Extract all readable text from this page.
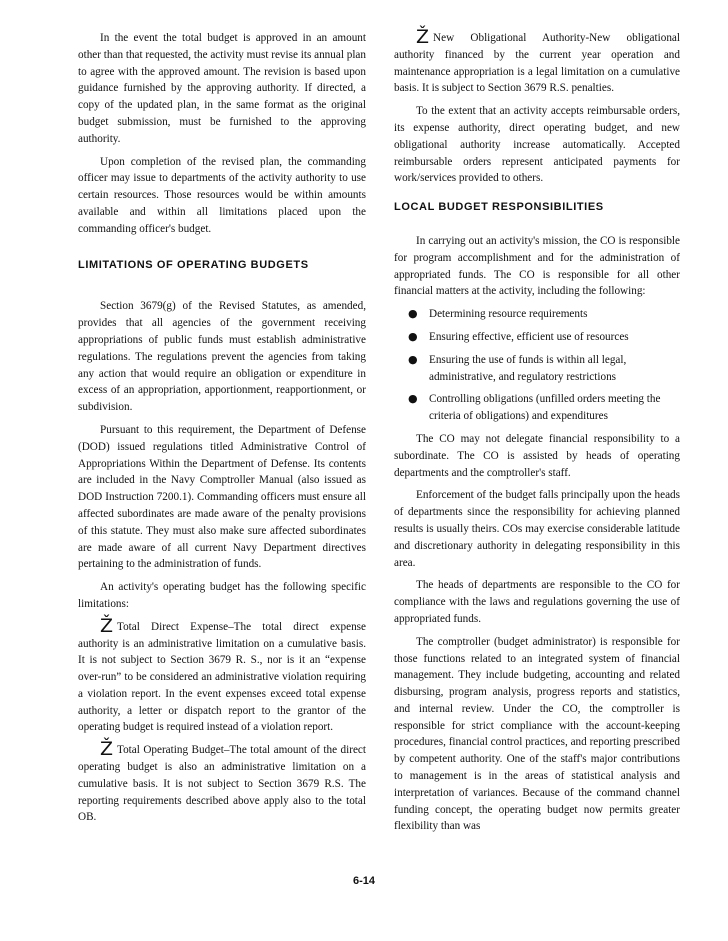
In the event the total budget is approved in an amount other than that requested, the activity must revise its annual plan to agree with the approved amount. The revision is based upon guidance furnished by the approving authority. If directed, a copy of the updated plan, in the same format as the original budget submission, must be furnished to the approving authority.

Upon completion of the revised plan, the commanding officer may issue to departments of the activity authority to use certain resources. Those resources would be within amounts available and within all limitations placed upon the commanding officer's budget.

LIMITATIONS OF OPERATING BUDGETS

Section 3679(g) of the Revised Statutes, as amended, provides that all agencies of the government receiving appropriations of public funds must establish administrative regulations. The regulations prevent the agencies from taking any action that would require an obligation or expenditure in excess of an appropriation, apportionment, reapportionment, or subdivision.

Pursuant to this requirement, the Department of Defense (DOD) issued regulations titled Administrative Control of Appropriations Within the Department of Defense. Its contents are included in the Navy Comptroller Manual (also issued as DOD Instruction 7200.1). Commanding officers must ensure all affected subordinates are made aware of the penalty provisions of this statute. They must also make sure affected subordinates are made aware of all current Navy Department directives pertaining to the administration of funds.

An activity's operating budget has the following specific limitations:

Ž Total Direct Expense–The total direct expense authority is an administrative limitation on a cumulative basis. It is not subject to Section 3679 R. S., nor is it an “expense over-run” to be considered an administrative violation requiring a violation report. In the event expenses exceed total expense authority, a letter or dispatch report to the grantor of the operating budget is required instead of a violation report.

Ž Total Operating Budget–The total amount of the direct operating budget is also an administrative limitation on a cumulative basis. It is not subject to Section 3679 R.S. The reporting requirements described above apply also to the total OB.

Ž New Obligational Authority-New obligational authority financed by the current year operation and maintenance appropriation is a legal limitation on a cumulative basis. It is subject to Section 3679 R.S. penalties.

To the extent that an activity accepts reimbursable orders, its expense authority, direct operating budget, and new obligational authority increase automatically. Accepted reimbursable orders represent anticipated payments for work/services provided to others.

LOCAL BUDGET RESPONSIBILITIES

In carrying out an activity's mission, the CO is responsible for program accomplishment and for the administration of appropriated funds. The CO is responsible for all other financial matters at the activity, including the following:

● Determining resource requirements
● Ensuring effective, efficient use of resources
● Ensuring the use of funds is within all legal, administrative, and regulatory restrictions
● Controlling obligations (unfilled orders meeting the criteria of obligations) and expenditures

The CO may not delegate financial responsibility to a subordinate. The CO is assisted by heads of operating departments and the comptroller's staff.

Enforcement of the budget falls principally upon the heads of departments since the responsibility for achieving planned results is usually theirs. COs may exercise considerable latitude and discretionary authority in delegating responsibility in this area.

The heads of departments are responsible to the CO for compliance with the laws and regulations governing the use of appropriated funds.

The comptroller (budget administrator) is responsible for those functions related to an integrated system of financial management. They include budgeting, accounting and related disbursing, program analysis, progress reports and statistics, and internal review. Under the CO, the comptroller is responsible for strict compliance with the account-keeping procedures, financial control practices, and reporting prescribed by competent authority. One of the staff's major contributions to management is in the areas of statistical analysis and interpretation of variances. Because of the command channel funding concept, the operating budget now permits greater flexibility than was

6-14
